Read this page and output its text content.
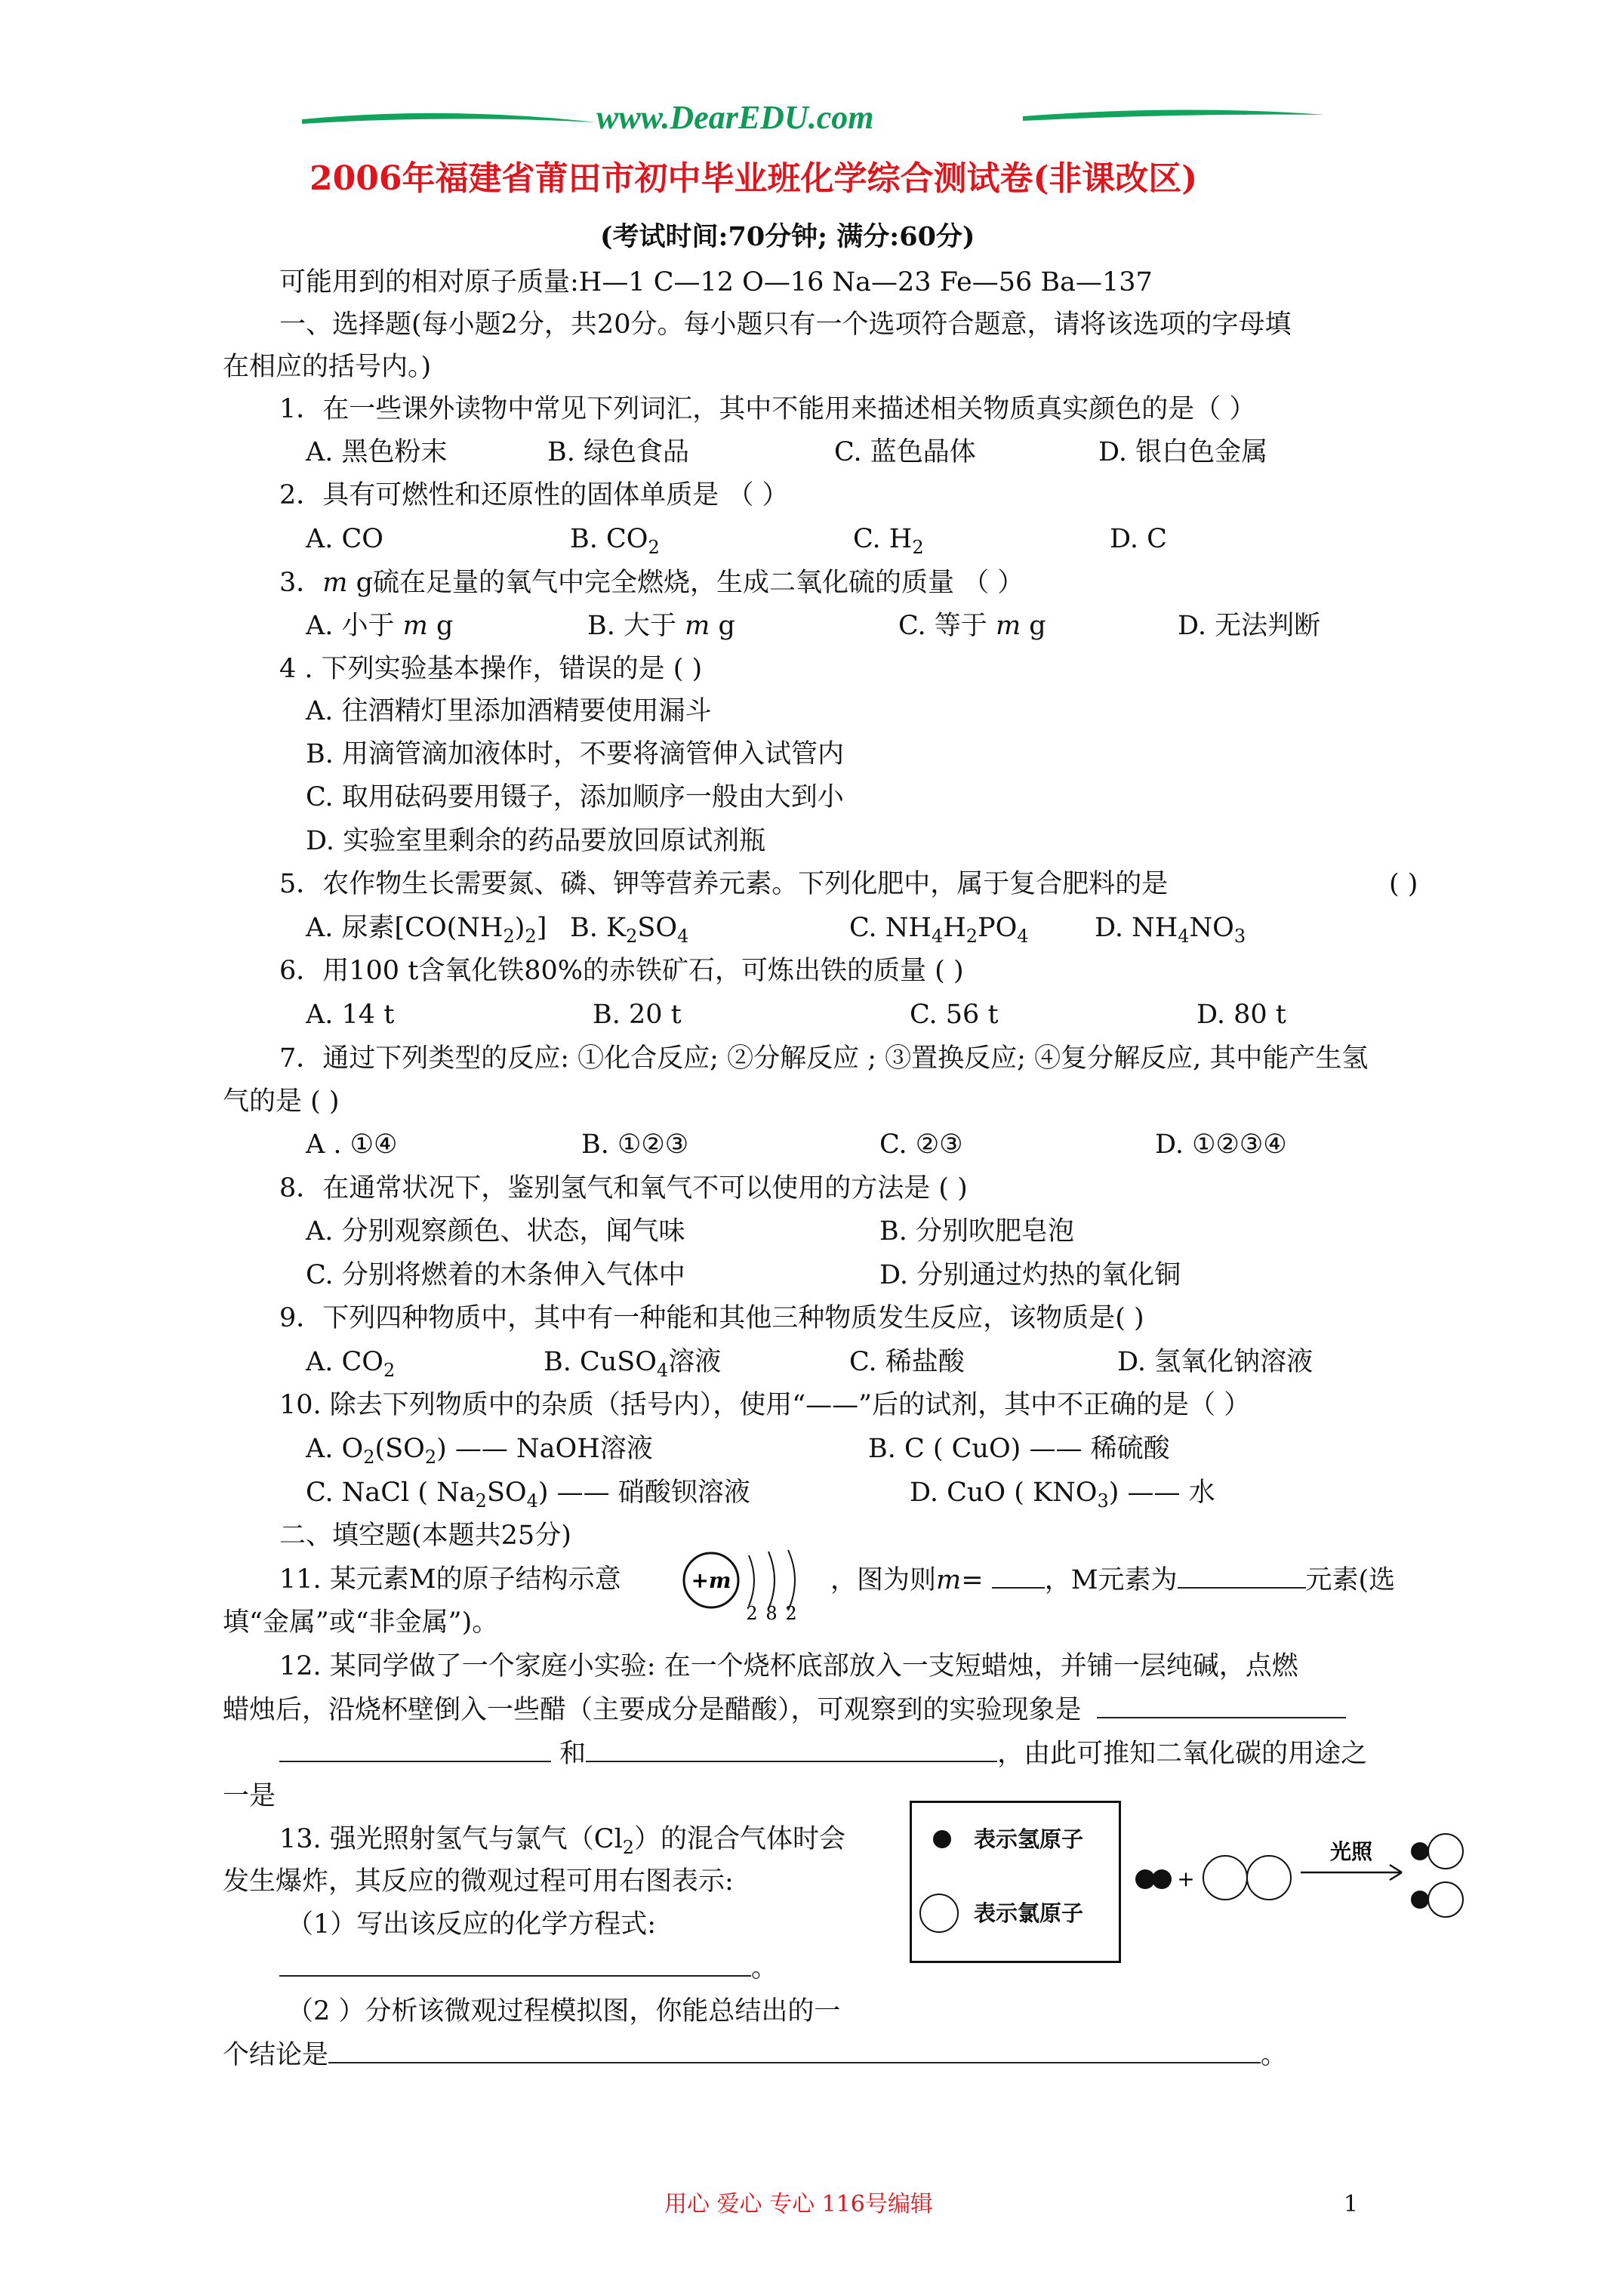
www.DearEDU.com
2006年福建省莆田市初中毕业班化学综合测试卷(非课改区)
(考试时间:70分钟; 满分:60分)
可能用到的相对原子质量:H—1 C—12 O—16 Na—23 Fe—56 Ba—137
一、选择题(每小题2分，共20分。每小题只有一个选项符合题意，请将该选项的字母填
在相应的括号内。)
1．在一些课外读物中常见下列词汇，其中不能用来描述相关物质真实颜色的是（ ）
A. 黑色粉末	B. 绿色食品	C. 蓝色晶体	D. 银白色金属
2．具有可燃性和还原性的固体单质是 （ ）
A. CO	B. $CO_2$	C. $H_2$	D. C
3．m g硫在足量的氧气中完全燃烧，生成二氧化硫的质量 （ ）
A. 小于 m g	B. 大于 m g	C. 等于 m g	D. 无法判断
4 . 下列实验基本操作，错误的是 ( )
A. 往酒精灯里添加酒精要使用漏斗
B. 用滴管滴加液体时，不要将滴管伸入试管内
C. 取用砝码要用镊子，添加顺序一般由大到小
D. 实验室里剩余的药品要放回原试剂瓶
5．农作物生长需要氮、磷、钾等营养元素。下列化肥中，属于复合肥料的是	( )
A. 尿素$[CO(NH_2)_2]$ B. $K_2SO_4$	C. $NH_4H_2PO_4$ D. $NH_4NO_3$
6．用100 t含氧化铁80%的赤铁矿石，可炼出铁的质量 ( )
A. 14 t	B. 20 t	C. 56 t	D. 80 t
7．通过下列类型的反应: ①化合反应; ②分解反应 ; ③置换反应; ④复分解反应, 其中能产生氢
气的是 ( )
A . ①④	B. ①②③	C. ②③	D. ①②③④
8．在通常状况下，鉴别氢气和氧气不可以使用的方法是 ( )
A. 分别观察颜色、状态，闻气味	B. 分别吹肥皂泡
C. 分别将燃着的木条伸入气体中	D. 分别通过灼热的氧化铜
9．下列四种物质中，其中有一种能和其他三种物质发生反应，该物质是( )
A. $CO_2$	B. CuSO$_4$溶液	C. 稀盐酸	D. 氢氧化钠溶液
10. 除去下列物质中的杂质（括号内），使用“——”后的试剂，其中不正确的是（ ）
A. $O_2(SO_2)$ —— NaOH溶液	B. C ( CuO) —— 稀硫酸
C. NaCl ( $Na_2SO_4$) —— 硝酸钡溶液	D. CuO ( $KNO_3$) —— 水
二、填空题(本题共25分)
11. 某元素M的原子结构示意	+m
2 8 2
，图为则m= ，M元素为	元素(选
填“金属”或“非金属”)。
12. 某同学做了一个家庭小实验: 在一个烧杯底部放入一支短蜡烛，并铺一层纯碱，点燃
蜡烛后，沿烧杯壁倒入一些醋（主要成分是醋酸），可观察到的实验现象是
和	，由此可推知二氧化碳的用途之
一是
13. 强光照射氢气与氯气$(Cl_2)$的混合气体时会
发生爆炸，其反应的微观过程可用右图表示:
（1）写出该反应的化学方程式:
。
（2 ）分析该微观过程模拟图，你能总结出的一
个结论是	。
表示氢原子
表示氯原子
+
光照
用心 爱心 专心 116号编辑	1
